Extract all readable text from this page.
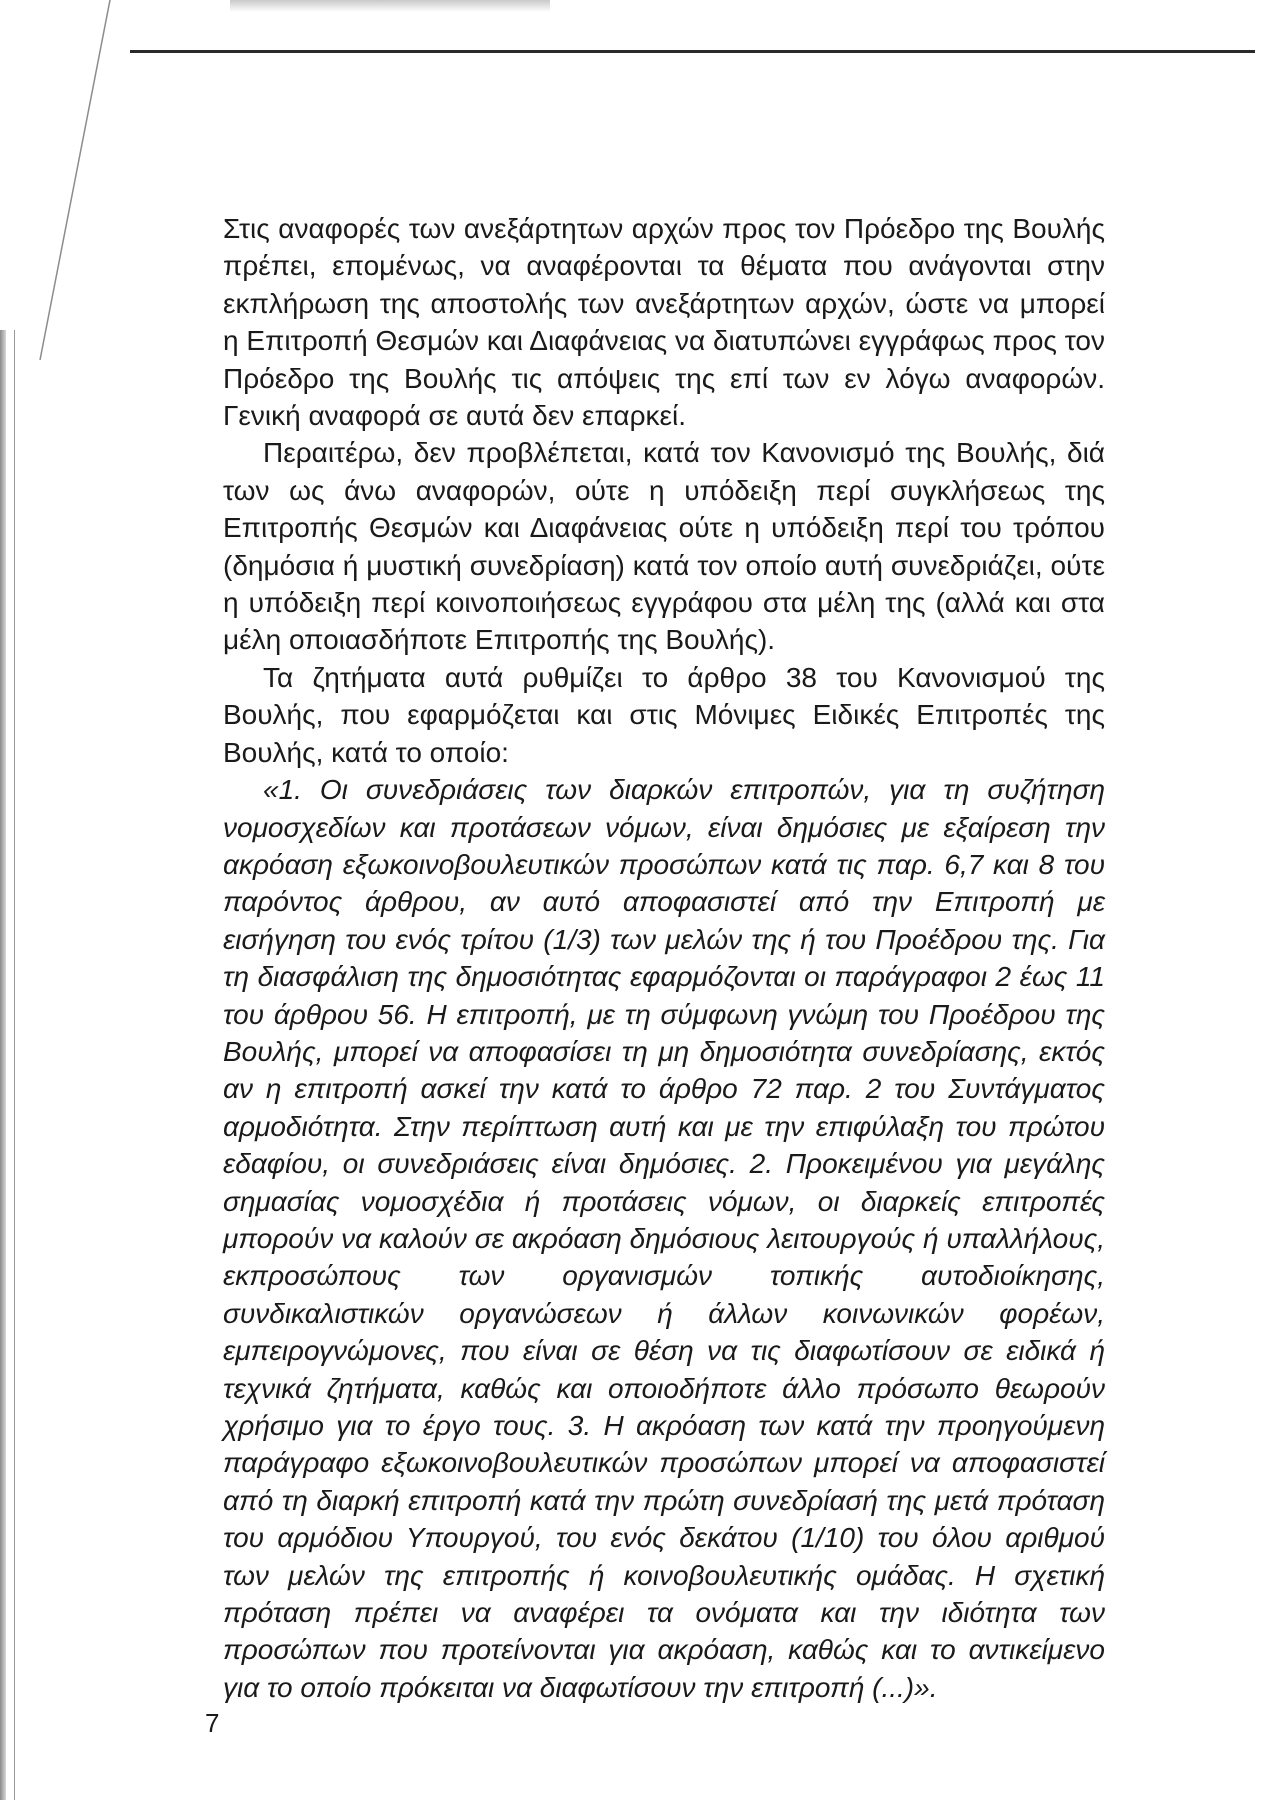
Στις αναφορές των ανεξάρτητων αρχών προς τον Πρόεδρο της Βουλής πρέπει, επομένως, να αναφέρονται τα θέματα που ανάγονται στην εκπλήρωση της αποστολής των ανεξάρτητων αρχών, ώστε να μπορεί η Επιτροπή Θεσμών και Διαφάνειας να διατυπώνει εγγράφως προς τον Πρόεδρο της Βουλής τις απόψεις της επί των εν λόγω αναφορών. Γενική αναφορά σε αυτά δεν επαρκεί.

Περαιτέρω, δεν προβλέπεται, κατά τον Κανονισμό της Βουλής, διά των ως άνω αναφορών, ούτε η υπόδειξη περί συγκλήσεως της Επιτροπής Θεσμών και Διαφάνειας ούτε η υπόδειξη περί του τρόπου (δημόσια ή μυστική συνεδρίαση) κατά τον οποίο αυτή συνεδριάζει, ούτε η υπόδειξη περί κοινοποιήσεως εγγράφου στα μέλη της (αλλά και στα μέλη οποιασδήποτε Επιτροπής της Βουλής).

Τα ζητήματα αυτά ρυθμίζει το άρθρο 38 του Κανονισμού της Βουλής, που εφαρμόζεται και στις Μόνιμες Ειδικές Επιτροπές της Βουλής, κατά το οποίο:

«1. Οι συνεδριάσεις των διαρκών επιτροπών, για τη συζήτηση νομοσχεδίων και προτάσεων νόμων, είναι δημόσιες με εξαίρεση την ακρόαση εξωκοινοβουλευτικών προσώπων κατά τις παρ. 6,7 και 8 του παρόντος άρθρου, αν αυτό αποφασιστεί από την Επιτροπή με εισήγηση του ενός τρίτου (1/3) των μελών της ή του Προέδρου της. Για τη διασφάλιση της δημοσιότητας εφαρμόζονται οι παράγραφοι 2 έως 11 του άρθρου 56. Η επιτροπή, με τη σύμφωνη γνώμη του Προέδρου της Βουλής, μπορεί να αποφασίσει τη μη δημοσιότητα συνεδρίασης, εκτός αν η επιτροπή ασκεί την κατά το άρθρο 72 παρ. 2 του Συντάγματος αρμοδιότητα. Στην περίπτωση αυτή και με την επιφύλαξη του πρώτου εδαφίου, οι συνεδριάσεις είναι δημόσιες. 2. Προκειμένου για μεγάλης σημασίας νομοσχέδια ή προτάσεις νόμων, οι διαρκείς επιτροπές μπορούν να καλούν σε ακρόαση δημόσιους λειτουργούς ή υπαλλήλους, εκπροσώπους των οργανισμών τοπικής αυτοδιοίκησης, συνδικαλιστικών οργανώσεων ή άλλων κοινωνικών φορέων, εμπειρογνώμονες, που είναι σε θέση να τις διαφωτίσουν σε ειδικά ή τεχνικά ζητήματα, καθώς και οποιοδήποτε άλλο πρόσωπο θεωρούν χρήσιμο για το έργο τους. 3. Η ακρόαση των κατά την προηγούμενη παράγραφο εξωκοινοβουλευτικών προσώπων μπορεί να αποφασιστεί από τη διαρκή επιτροπή κατά την πρώτη συνεδρίασή της μετά πρόταση του αρμόδιου Υπουργού, του ενός δεκάτου (1/10) του όλου αριθμού των μελών της επιτροπής ή κοινοβουλευτικής ομάδας. Η σχετική πρόταση πρέπει να αναφέρει τα ονόματα και την ιδιότητα των προσώπων που προτείνονται για ακρόαση, καθώς και το αντικείμενο για το οποίο πρόκειται να διαφωτίσουν την επιτροπή (...)».

7
